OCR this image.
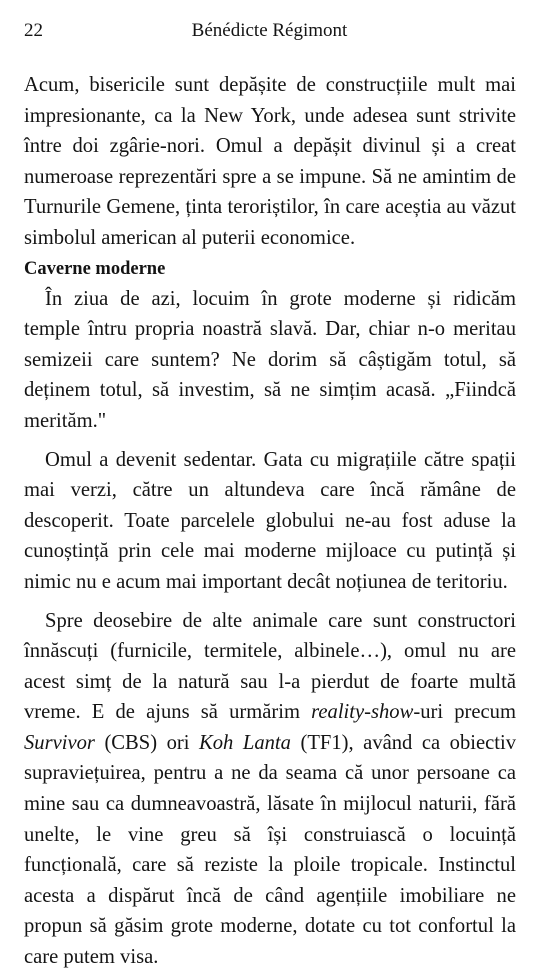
22	Bénédicte Régimont

Acum, bisericile sunt depășite de construcțiile mult mai impresionante, ca la New York, unde adesea sunt strivite între doi zgârie-nori. Omul a depășit divinul și a creat numeroase reprezentări spre a se impune. Să ne amintim de Turnurile Gemene, ținta teroriștilor, în care aceștia au văzut simbolul american al puterii economice.

Caverne moderne

În ziua de azi, locuim în grote moderne și ridicăm temple întru propria noastră slavă. Dar, chiar n-o meritau semizeii care suntem? Ne dorim să câștigăm totul, să deținem totul, să investim, să ne simțim acasă. „Fiindcă merităm."

Omul a devenit sedentar. Gata cu migrațiile către spații mai verzi, către un altundeva care încă rămâne de descoperit. Toate parcelele globului ne-au fost aduse la cunoștință prin cele mai moderne mijloace cu putință și nimic nu e acum mai important decât noțiunea de teritoriu.

Spre deosebire de alte animale care sunt constructori înnăscuți (furnicile, termitele, albinele…), omul nu are acest simț de la natură sau l-a pierdut de foarte multă vreme. E de ajuns să urmărim reality-show-uri precum Survivor (CBS) ori Koh Lanta (TF1), având ca obiectiv supraviețuirea, pentru a ne da seama că unor persoane ca mine sau ca dumneavoastră, lăsate în mijlocul naturii, fără unelte, le vine greu să își construiască o locuință funcțională, care să reziste la ploile tropicale. Instinctul acesta a dispărut încă de când agențiile imobiliare ne propun să găsim grote moderne, dotate cu tot confortul la care putem visa.
